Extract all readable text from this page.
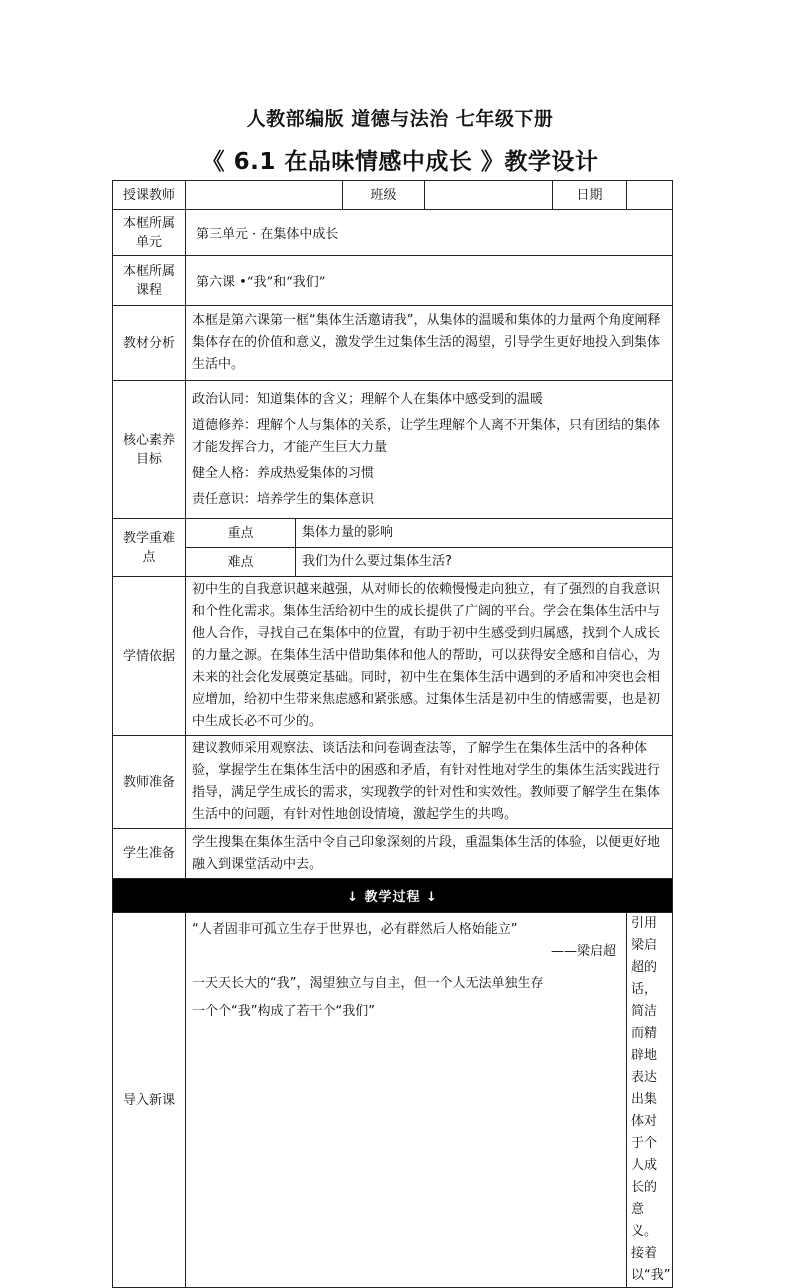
人教部编版 道德与法治 七年级下册
《 6.1 在品味情感中成长 》教学设计
授课教师			班级		日期	
本框所属单元	第三单元 · 在集体中成长					
本框所属课程	第六课 •“我”和“我们”					
教材分析	本框是第六课第一框“集体生活邀请我”，从集体的温暖和集体的力量两个角度阐释集体存在的价值和意义，激发学生过集体生活的渴望，引导学生更好地投入到集体生活中。					
核心素养目标	政治认同：知道集体的含义；理解个人在集体中感受到的温暖

道德修养：理解个人与集体的关系，让学生理解个人离不开集体，只有团结的集体才能发挥合力，才能产生巨大力量

健全人格：养成热爱集体的习惯

责任意识：培养学生的集体意识					

教学重难点	重点	集体力量的影响				
	难点	我们为什么要过集体生活?				
学情依据	初中生的自我意识越来越强，从对师长的依赖慢慢走向独立，有了强烈的自我意识和个性化需求。集体生活给初中生的成长提供了广阔的平台。学会在集体生活中与他人合作，寻找自己在集体中的位置，有助于初中生感受到归属感，找到个人成长的力量之源。在集体生活中借助集体和他人的帮助，可以获得安全感和自信心，为未来的社会化发展奠定基础。同时，初中生在集体生活中遇到的矛盾和冲突也会相应增加，给初中生带来焦虑感和紧张感。过集体生活是初中生的情感需要，也是初中生成长必不可少的。					
教师准备	建议教师采用观察法、谈话法和问卷调查法等，了解学生在集体生活中的各种体验，掌握学生在集体生活中的困惑和矛盾，有针对性地对学生的集体生活实践进行指导，满足学生成长的需求，实现教学的针对性和实效性。教师要了解学生在集体生活中的问题，有针对性地创设情境，激起学生的共鸣。					
学生准备	学生搜集在集体生活中令自己印象深刻的片段，重温集体生活的体验，以便更好地融入到课堂活动中去。					
↓ 教学过程 ↓						
导入新课	“人者固非可孤立生存于世界也，必有群然后人格始能立”

——梁启超

一天天长大的“我”，渴望独立与自主，但一个人无法单独生存

一个个“我”构成了若干个“我们”					引用梁启超的话，简洁而精辟地表达出集体对于个人成长的意义。接着以“我”
